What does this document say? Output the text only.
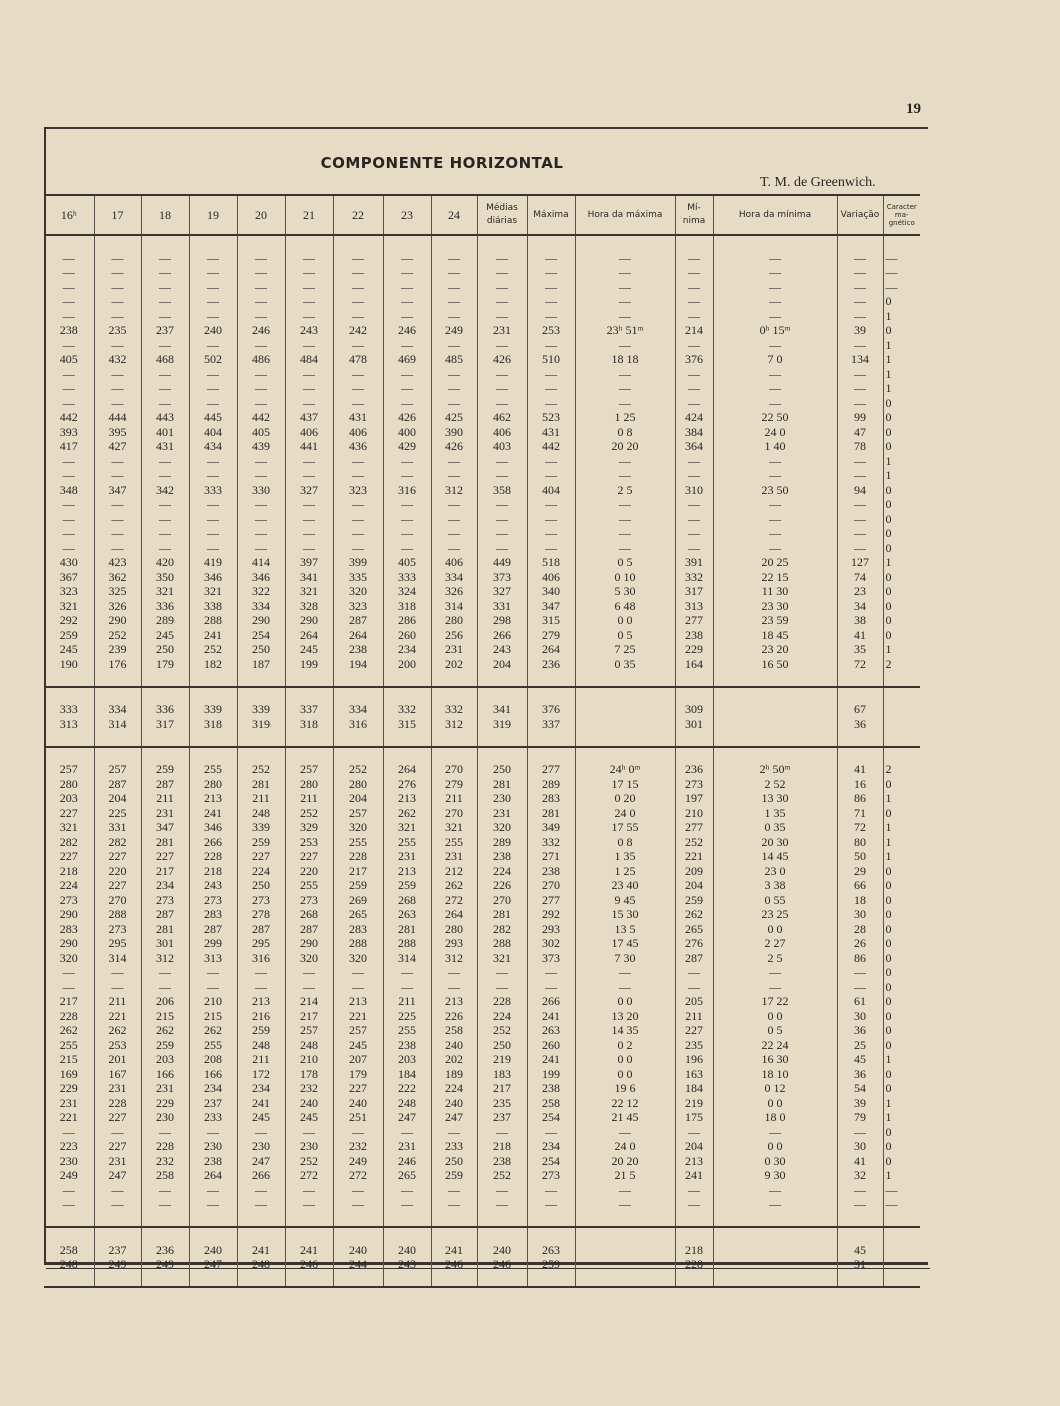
19
COMPONENTE HORIZONTAL
T. M. de Greenwich.
16ʰ	17	18	19	20	21	22	23	24	Médias diárias	Máxima	Hora da máxima	Mí- nima	Hora da mínima	Variação	Caracter ma- gnético

—	—	—	—	—	—	—	—	—	—	—	—	—	—	—	—
—	—	—	—	—	—	—	—	—	—	—	—	—	—	—	—
—	—	—	—	—	—	—	—	—	—	—	—	—	—	—	—
—	—	—	—	—	—	—	—	—	—	—	—	—	—	—	0
—	—	—	—	—	—	—	—	—	—	—	—	—	—	—	1
238	235	237	240	246	243	242	246	249	231	253	23ʰ 51ᵐ	214	0ʰ 15ᵐ	39	0
—	—	—	—	—	—	—	—	—	—	—	—	—	—	—	1
405	432	468	502	486	484	478	469	485	426	510	18 18	376	7 0	134	1
—	—	—	—	—	—	—	—	—	—	—	—	—	—	—	1
—	—	—	—	—	—	—	—	—	—	—	—	—	—	—	1
—	—	—	—	—	—	—	—	—	—	—	—	—	—	—	0
442	444	443	445	442	437	431	426	425	462	523	1 25	424	22 50	99	0
393	395	401	404	405	406	406	400	390	406	431	0 8	384	24 0	47	0
417	427	431	434	439	441	436	429	426	403	442	20 20	364	1 40	78	0
—	—	—	—	—	—	—	—	—	—	—	—	—	—	—	1
—	—	—	—	—	—	—	—	—	—	—	—	—	—	—	1
348	347	342	333	330	327	323	316	312	358	404	2 5	310	23 50	94	0
—	—	—	—	—	—	—	—	—	—	—	—	—	—	—	0
—	—	—	—	—	—	—	—	—	—	—	—	—	—	—	0
—	—	—	—	—	—	—	—	—	—	—	—	—	—	—	0
—	—	—	—	—	—	—	—	—	—	—	—	—	—	—	0
430	423	420	419	414	397	399	405	406	449	518	0 5	391	20 25	127	1
367	362	350	346	346	341	335	333	334	373	406	0 10	332	22 15	74	0
323	325	321	321	322	321	320	324	326	327	340	5 30	317	11 30	23	0
321	326	336	338	334	328	323	318	314	331	347	6 48	313	23 30	34	0
292	290	289	288	290	290	287	286	280	298	315	0 0	277	23 59	38	0
259	252	245	241	254	264	264	260	256	266	279	0 5	238	18 45	41	0
245	239	250	252	250	245	238	234	231	243	264	7 25	229	23 20	35	1
190	176	179	182	187	199	194	200	202	204	236	0 35	164	16 50	72	2

333	334	336	339	339	337	334	332	332	341	376		309		67	
313	314	317	318	319	318	316	315	312	319	337		301		36	

257	257	259	255	252	257	252	264	270	250	277	24ʰ 0ᵐ	236	2ʰ 50ᵐ	41	2
280	287	287	280	281	280	280	276	279	281	289	17 15	273	2 52	16	0
203	204	211	213	211	211	204	213	211	230	283	0 20	197	13 30	86	1
227	225	231	241	248	252	257	262	270	231	281	24 0	210	1 35	71	0
321	331	347	346	339	329	320	321	321	320	349	17 55	277	0 35	72	1
282	282	281	266	259	253	255	255	255	289	332	0 8	252	20 30	80	1
227	227	227	228	227	227	228	231	231	238	271	1 35	221	14 45	50	1
218	220	217	218	224	220	217	213	212	224	238	1 25	209	23 0	29	0
224	227	234	243	250	255	259	259	262	226	270	23 40	204	3 38	66	0
273	270	273	273	273	273	269	268	272	270	277	9 45	259	0 55	18	0
290	288	287	283	278	268	265	263	264	281	292	15 30	262	23 25	30	0
283	273	281	287	287	287	283	281	280	282	293	13 5	265	0 0	28	0
290	295	301	299	295	290	288	288	293	288	302	17 45	276	2 27	26	0
320	314	312	313	316	320	320	314	312	321	373	7 30	287	2 5	86	0
—	—	—	—	—	—	—	—	—	—	—	—	—	—	—	0
—	—	—	—	—	—	—	—	—	—	—	—	—	—	—	0
217	211	206	210	213	214	213	211	213	228	266	0 0	205	17 22	61	0
228	221	215	215	216	217	221	225	226	224	241	13 20	211	0 0	30	0
262	262	262	262	259	257	257	255	258	252	263	14 35	227	0 5	36	0
255	253	259	255	248	248	245	238	240	250	260	0 2	235	22 24	25	0
215	201	203	208	211	210	207	203	202	219	241	0 0	196	16 30	45	1
169	167	166	166	172	178	179	184	189	183	199	0 0	163	18 10	36	0
229	231	231	234	234	232	227	222	224	217	238	19 6	184	0 12	54	0
231	228	229	237	241	240	240	248	240	235	258	22 12	219	0 0	39	1
221	227	230	233	245	245	251	247	247	237	254	21 45	175	18 0	79	1
—	—	—	—	—	—	—	—	—	—	—	—	—	—	—	0
223	227	228	230	230	230	232	231	233	218	234	24 0	204	0 0	30	0
230	231	232	238	247	252	249	246	250	238	254	20 20	213	0 30	41	0
249	247	258	264	266	272	272	265	259	252	273	21 5	241	9 30	32	1
—	—	—	—	—	—	—	—	—	—	—	—	—	—	—	—
—	—	—	—	—	—	—	—	—	—	—	—	—	—	—	—

258	237	236	240	241	241	240	240	241	240	263		218		45	
248	249	249	247	248	246	244	243	246	246	259		228		31	
